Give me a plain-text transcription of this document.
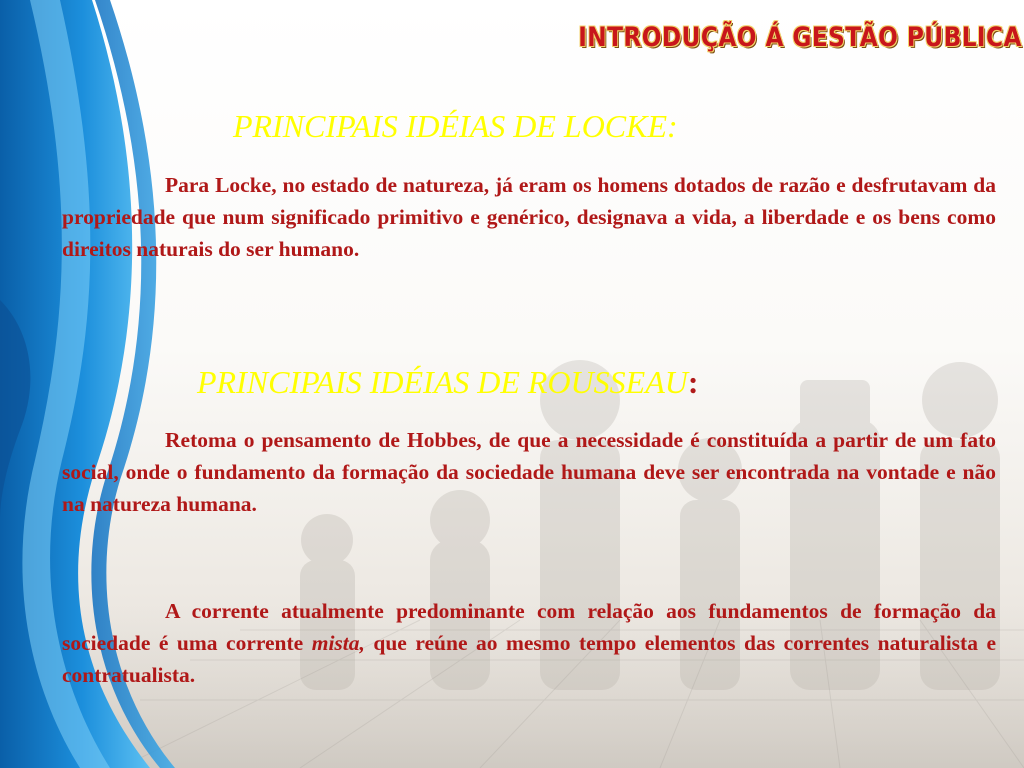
INTRODUÇÃO Á GESTÃO PÚBLICA
PRINCIPAIS IDÉIAS DE LOCKE:

Para Locke, no estado de natureza, já eram os homens dotados de razão e desfrutavam da propriedade que num significado primitivo e genérico, designava a vida, a liberdade e os bens como direitos naturais do ser humano.

PRINCIPAIS IDÉIAS DE ROUSSEAU:

Retoma o pensamento de Hobbes, de que a necessidade é constituída a partir de um fato social, onde o fundamento da formação da sociedade humana deve ser encontrada na vontade e não na natureza humana.

A corrente atualmente predominante com relação aos fundamentos de formação da sociedade é uma corrente mista, que reúne ao mesmo tempo elementos das correntes naturalista e contratualista.
